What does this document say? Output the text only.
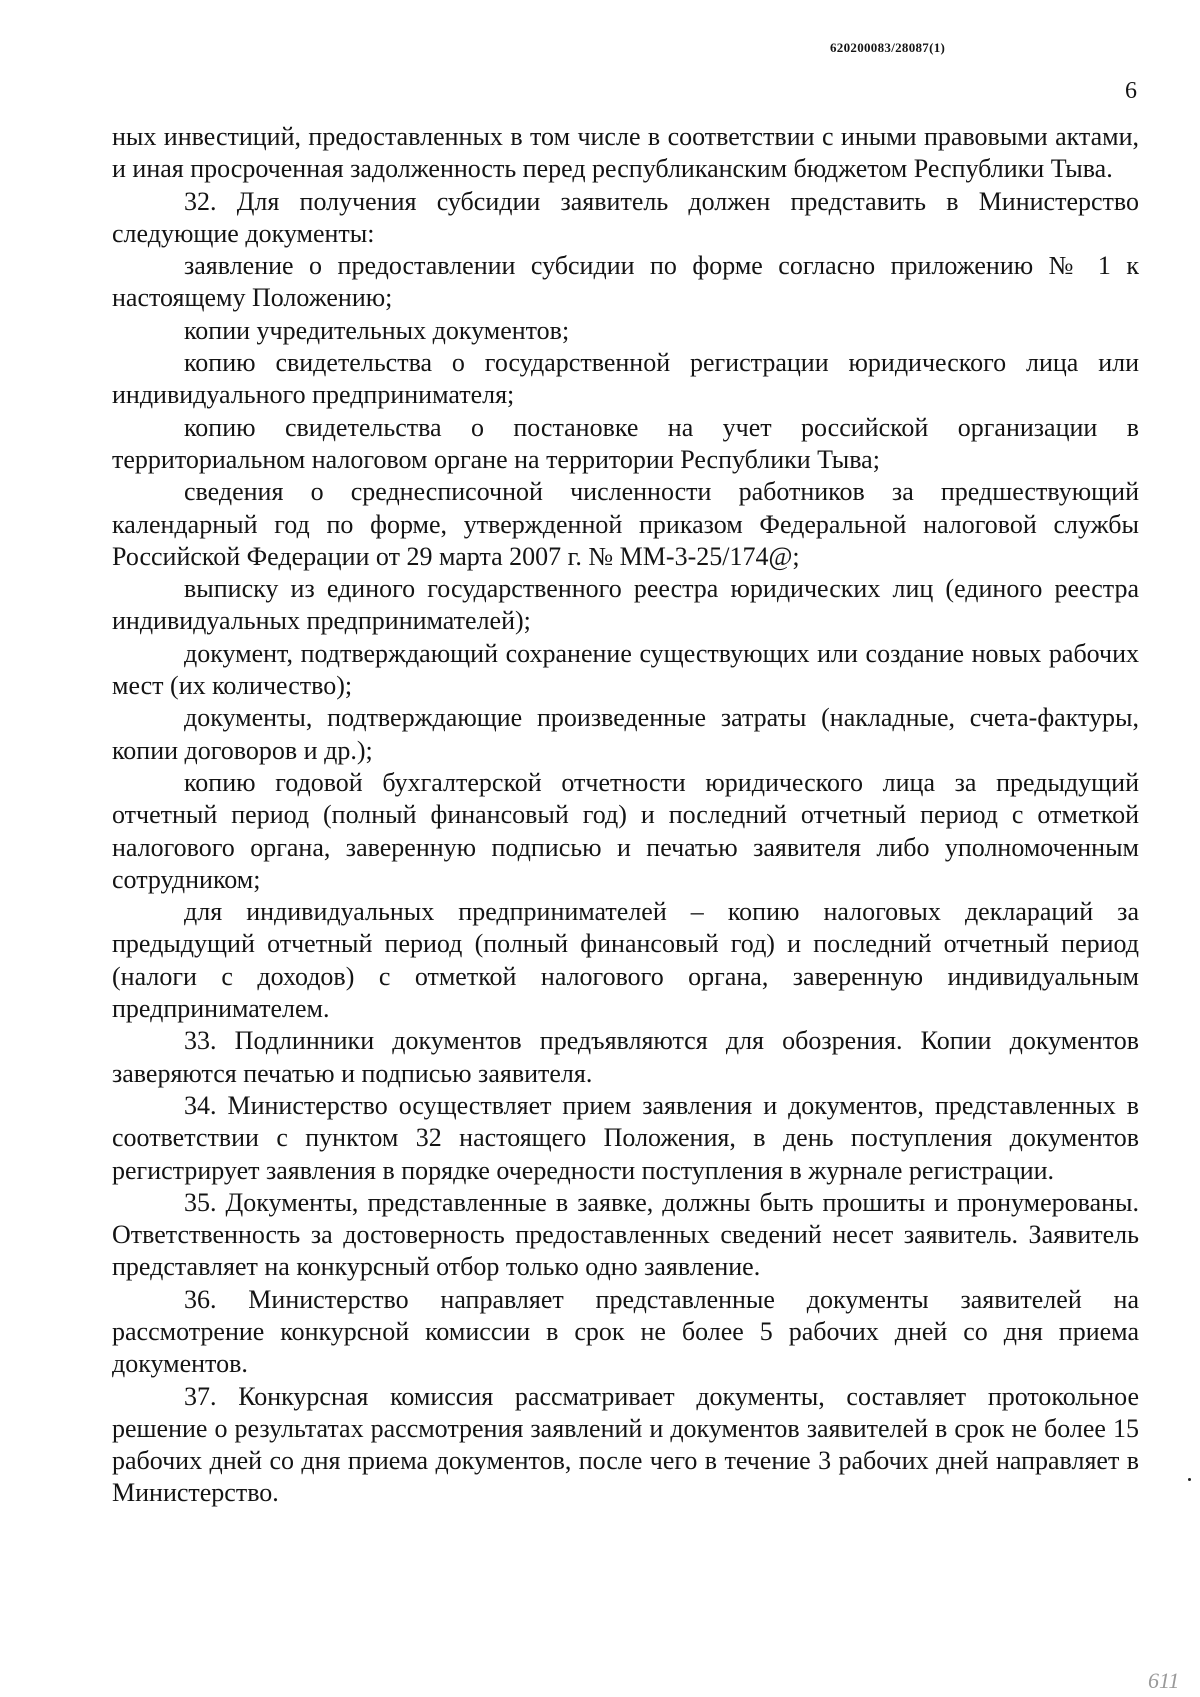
620200083/28087(1)
6

ных инвестиций, предоставленных в том числе в соответствии с иными правовыми актами, и иная просроченная задолженность перед республиканским бюджетом Республики Тыва.

32. Для получения субсидии заявитель должен представить в Министерство следующие документы:

заявление о предоставлении субсидии по форме согласно приложению № 1 к настоящему Положению;

копии учредительных документов;

копию свидетельства о государственной регистрации юридического лица или индивидуального предпринимателя;

копию свидетельства о постановке на учет российской организации в территориальном налоговом органе на территории Республики Тыва;

сведения о среднесписочной численности работников за предшествующий календарный год по форме, утвержденной приказом Федеральной налоговой службы Российской Федерации от 29 марта 2007 г. № ММ-3-25/174@;

выписку из единого государственного реестра юридических лиц (единого реестра индивидуальных предпринимателей);

документ, подтверждающий сохранение существующих или создание новых рабочих мест (их количество);

документы, подтверждающие произведенные затраты (накладные, счета-фактуры, копии договоров и др.);

копию годовой бухгалтерской отчетности юридического лица за предыдущий отчетный период (полный финансовый год) и последний отчетный период с отметкой налогового органа, заверенную подписью и печатью заявителя либо уполномоченным сотрудником;

для индивидуальных предпринимателей – копию налоговых деклараций за предыдущий отчетный период (полный финансовый год) и последний отчетный период (налоги с доходов) с отметкой налогового органа, заверенную индивидуальным предпринимателем.

33. Подлинники документов предъявляются для обозрения. Копии документов заверяются печатью и подписью заявителя.

34. Министерство осуществляет прием заявления и документов, представленных в соответствии с пунктом 32 настоящего Положения, в день поступления документов регистрирует заявления в порядке очередности поступления в журнале регистрации.

35. Документы, представленные в заявке, должны быть прошиты и пронумерованы. Ответственность за достоверность предоставленных сведений несет заявитель. Заявитель представляет на конкурсный отбор только одно заявление.

36. Министерство направляет представленные документы заявителей на рассмотрение конкурсной комиссии в срок не более 5 рабочих дней со дня приема документов.

37. Конкурсная комиссия рассматривает документы, составляет протокольное решение о результатах рассмотрения заявлений и документов заявителей в срок не более 15 рабочих дней со дня приема документов, после чего в течение 3 рабочих дней направляет в Министерство.

611
